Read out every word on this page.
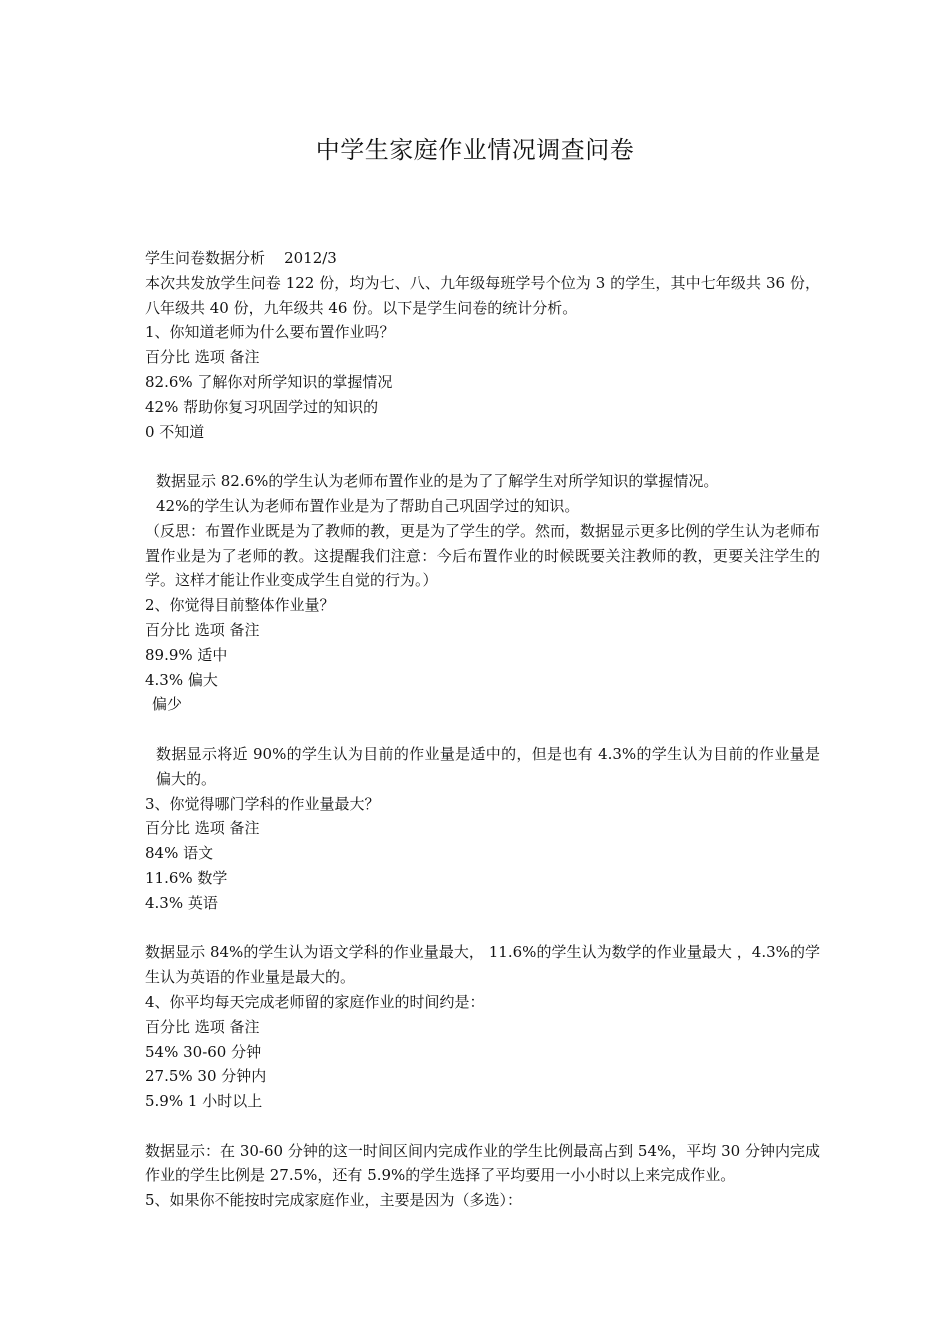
中学生家庭作业情况调查问卷
学生问卷数据分析    2012/3
本次共发放学生问卷 122 份，均为七、八、九年级每班学号个位为 3 的学生，其中七年级共 36 份，八年级共 40 份，九年级共 46 份。以下是学生问卷的统计分析。
1、你知道老师为什么要布置作业吗？
百分比 选项 备注
82.6% 了解你对所学知识的掌握情况
42% 帮助你复习巩固学过的知识的
0 不知道
数据显示 82.6%的学生认为老师布置作业的是为了了解学生对所学知识的掌握情况。
42%的学生认为老师布置作业是为了帮助自己巩固学过的知识。
（反思：布置作业既是为了教师的教，更是为了学生的学。然而，数据显示更多比例的学生认为老师布置作业是为了老师的教。这提醒我们注意：今后布置作业的时候既要关注教师的教，更要关注学生的学。这样才能让作业变成学生自觉的行为。）
2、你觉得目前整体作业量？
百分比 选项 备注
89.9% 适中
4.3% 偏大
偏少
数据显示将近 90%的学生认为目前的作业量是适中的，但是也有 4.3%的学生认为目前的作业量是偏大的。
3、你觉得哪门学科的作业量最大？
百分比 选项 备注
84% 语文
11.6% 数学
4.3% 英语
数据显示 84%的学生认为语文学科的作业量最大， 11.6%的学生认为数学的作业量最大 ，4.3%的学生认为英语的作业量是最大的。
4、你平均每天完成老师留的家庭作业的时间约是：
百分比 选项 备注
54% 30-60 分钟
27.5% 30 分钟内
5.9% 1 小时以上
数据显示：在 30-60 分钟的这一时间区间内完成作业的学生比例最高占到 54%，平均 30 分钟内完成作业的学生比例是 27.5%，还有 5.9%的学生选择了平均要用一小小时以上来完成作业。
5、如果你不能按时完成家庭作业，主要是因为（多选）：
